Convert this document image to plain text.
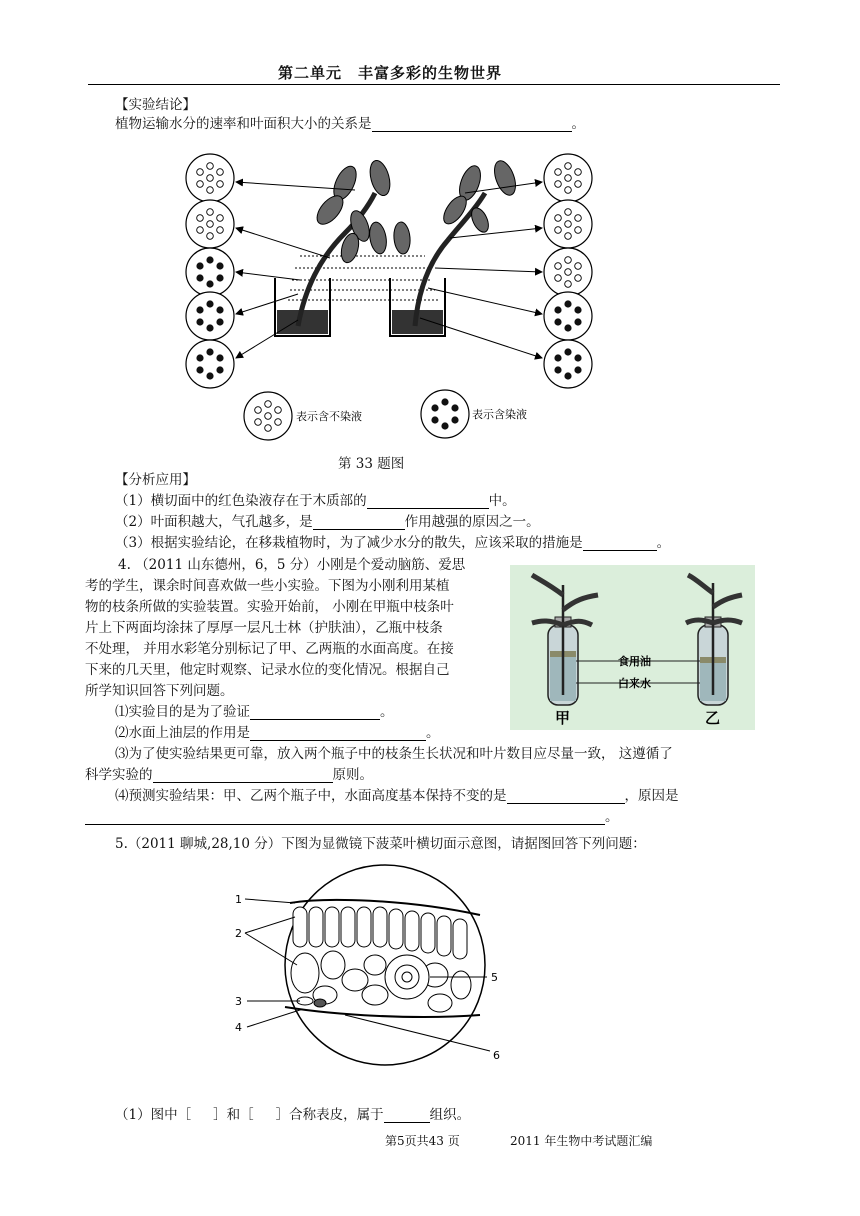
第二单元　丰富多彩的生物世界
【实验结论】
植物运输水分的速率和叶面积大小的关系是	。
表示含不染液	表示含染液
第 33 题图
【分析应用】
（1）横切面中的红色染液存在于木质部的	中。
（2）叶面积越大，气孔越多，是	作用越强的原因之一。
（3）根据实验结论，在移栽植物时，为了减少水分的散失，应该采取的措施是	。
4. （2011 山东德州，6，5 分）小刚是个爱动脑筋、爱思
考的学生，课余时间喜欢做一些小实验。下图为小刚利用某植
物的枝条所做的实验装置。实验开始前， 小刚在甲瓶中枝条叶
片上下两面均涂抹了厚厚一层凡士林（护肤油），乙瓶中枝条
不处理， 并用水彩笔分别标记了甲、乙两瓶的水面高度。在接
下来的几天里，他定时观察、记录水位的变化情况。根据自己
所学知识回答下列问题。
⑴实验目的是为了验证	。
⑵水面上油层的作用是	。
⑶为了使实验结果更可靠，放入两个瓶子中的枝条生长状况和叶片数目应尽量一致， 这遵循了
科学实验的	原则。
⑷预测实验结果：甲、乙两个瓶子中，水面高度基本保持不变的是	，原因是
。
食用油
白来水
甲	乙
5.（2011 聊城,28,10 分）下图为显微镜下菠菜叶横切面示意图，请据图回答下列问题：
1
2
3
4
5
6
（1）图中［ ］和［ ］合称表皮，属于	组织。
第5页共43 页	2011 年生物中考试题汇编
